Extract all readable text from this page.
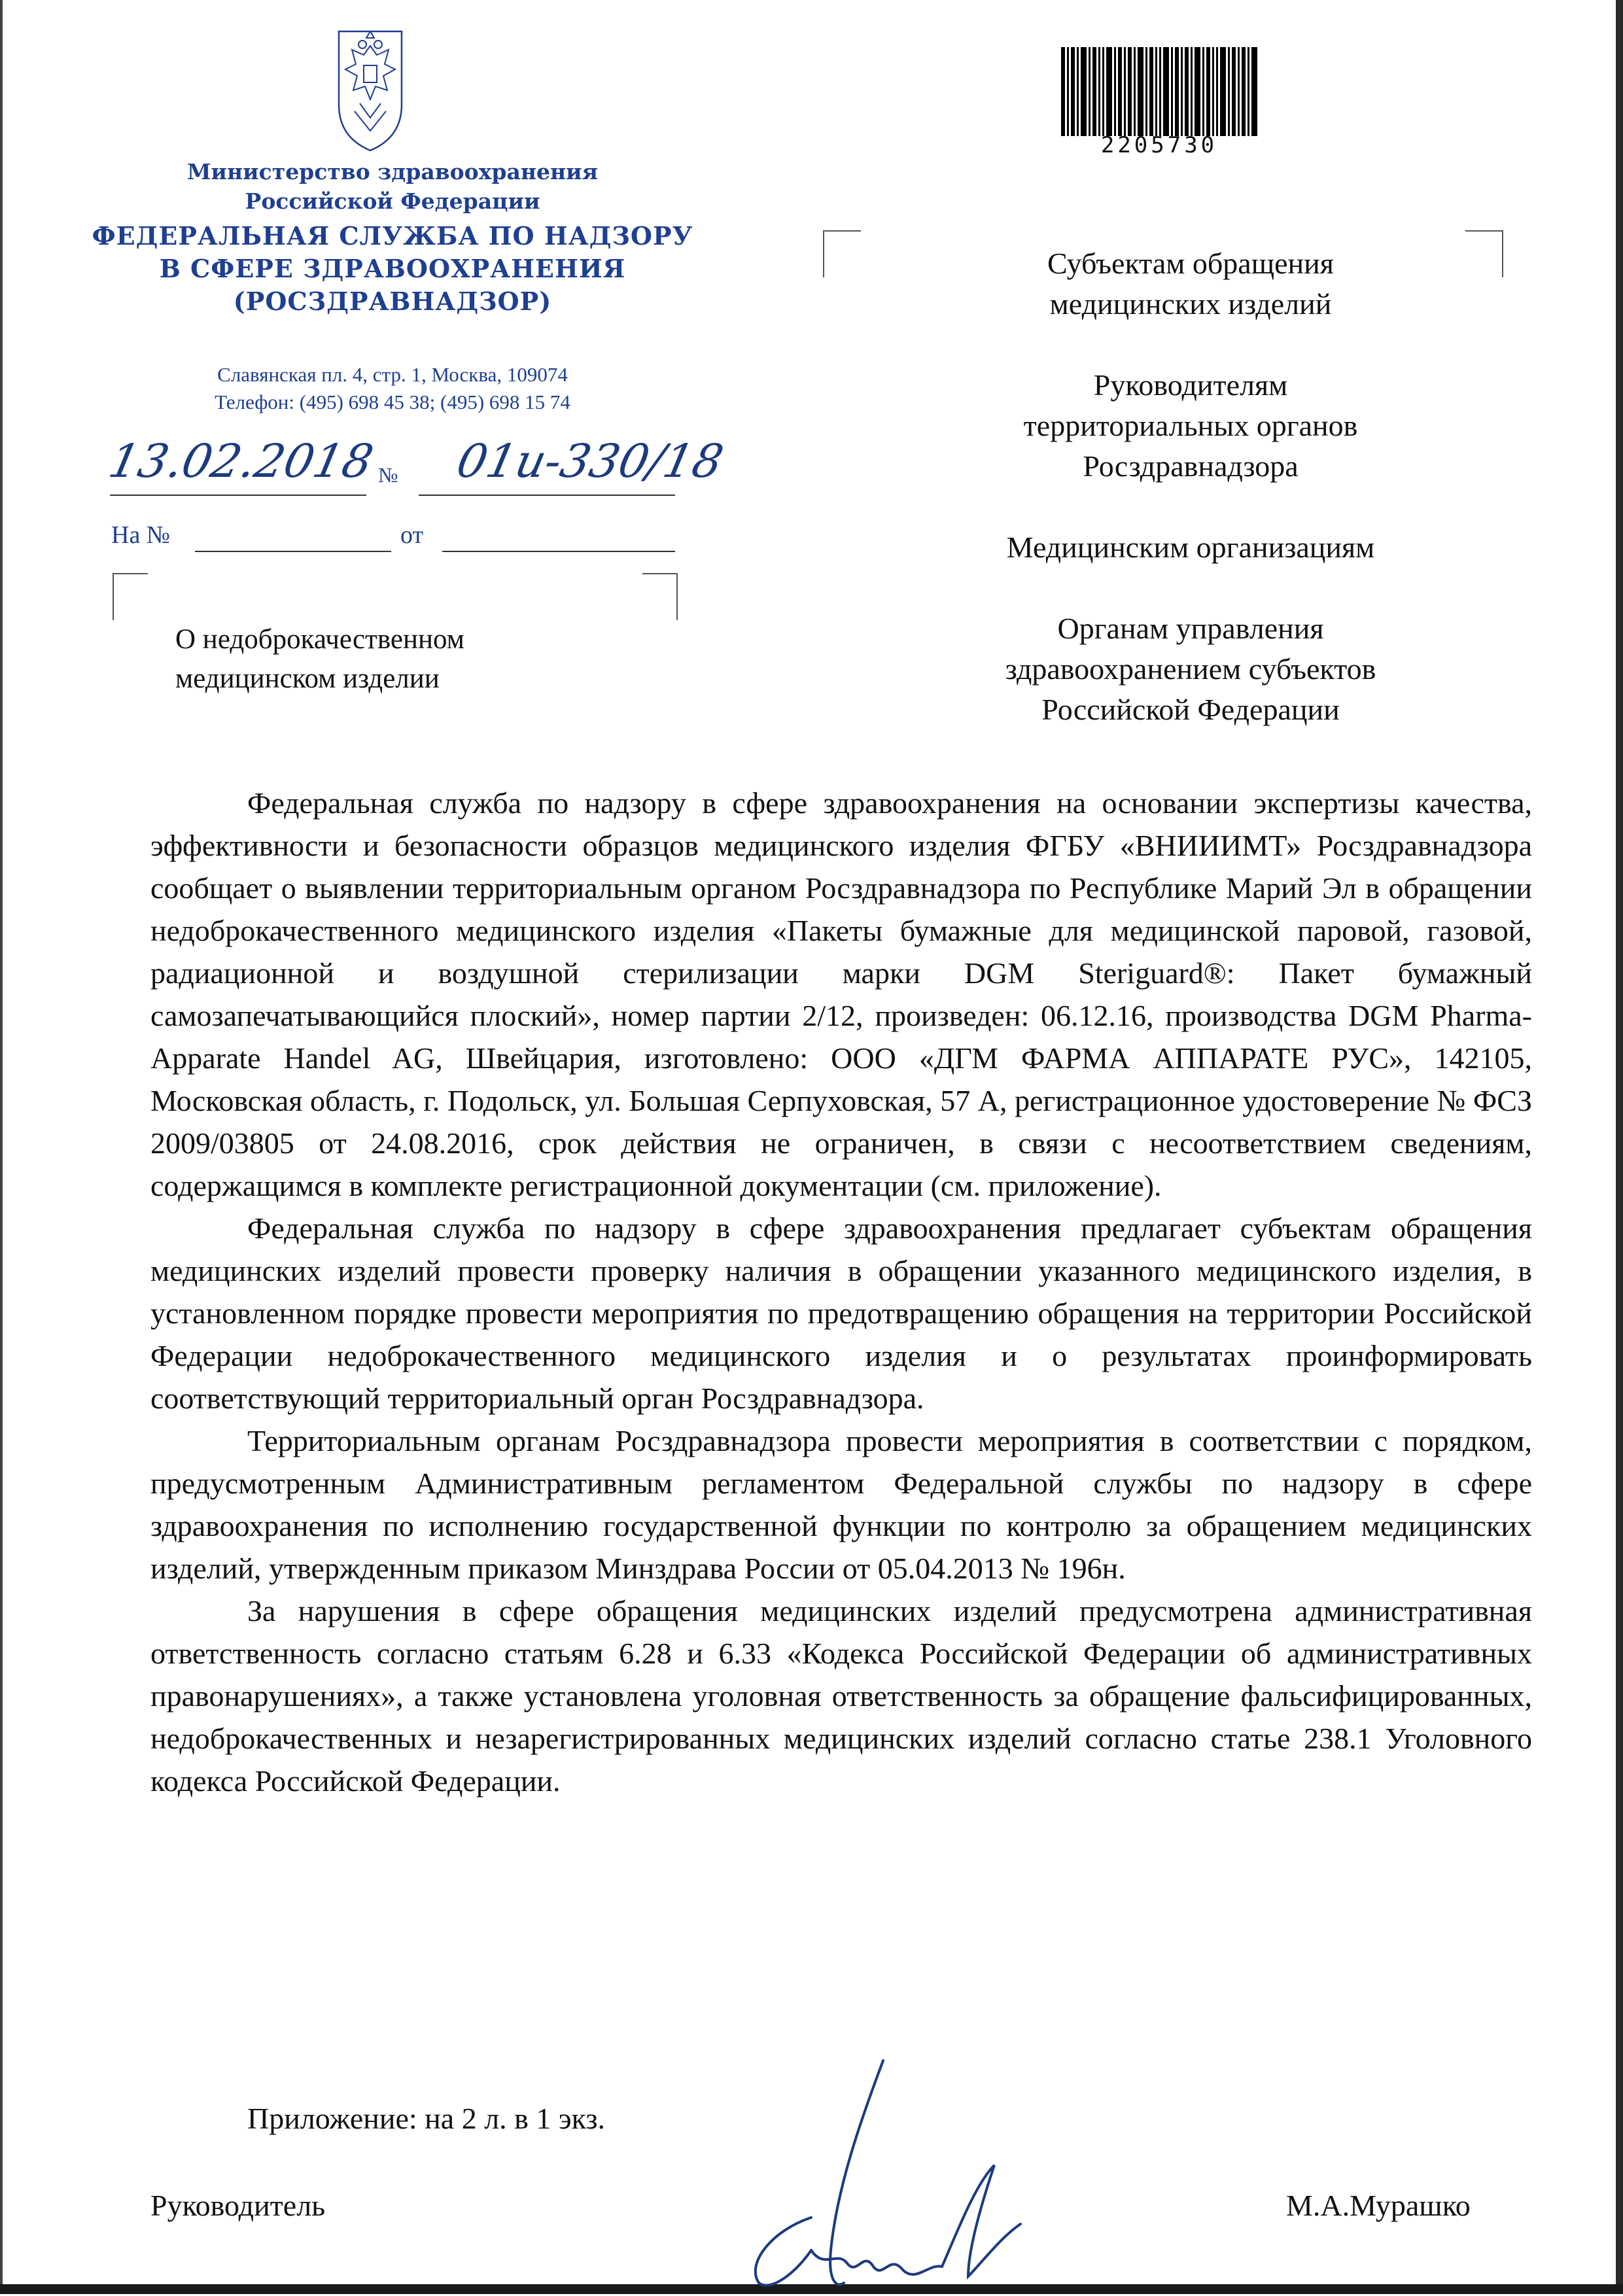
Министерство здравоохранения
Российской Федерации
ФЕДЕРАЛЬНАЯ СЛУЖБА ПО НАДЗОРУ
В СФЕРЕ ЗДРАВООХРАНЕНИЯ
(РОСЗДРАВНАДЗОР)
Славянская пл. 4, стр. 1, Москва, 109074
Телефон: (495) 698 45 38; (495) 698 15 74
13.02.2018 № 01и-330/18
На №	от
О недоброкачественном
медицинском изделии
2205730
Субъектам обращения
медицинских изделий
Руководителям
территориальных органов
Росздравнадзора
Медицинским организациям
Органам управления
здравоохранением субъектов
Российской Федерации

Федеральная служба по надзору в сфере здравоохранения на основании экспертизы качества, эффективности и безопасности образцов медицинского изделия ФГБУ «ВНИИИМТ» Росздравнадзора сообщает о выявлении территориальным органом Росздравнадзора по Республике Марий Эл в обращении недоброкачественного медицинского изделия «Пакеты бумажные для медицинской паровой, газовой, радиационной и воздушной стерилизации марки DGM Steriguard®: Пакет бумажный самозапечатывающийся плоский», номер партии 2/12, произведен: 06.12.16, производства DGM Pharma-Apparate Handel AG, Швейцария, изготовлено: ООО «ДГМ ФАРМА АППАРАТЕ РУС», 142105, Московская область, г. Подольск, ул. Большая Серпуховская, 57 А, регистрационное удостоверение № ФСЗ 2009/03805 от 24.08.2016, срок действия не ограничен, в связи с несоответствием сведениям, содержащимся в комплекте регистрационной документации (см. приложение).

Федеральная служба по надзору в сфере здравоохранения предлагает субъектам обращения медицинских изделий провести проверку наличия в обращении указанного медицинского изделия, в установленном порядке провести мероприятия по предотвращению обращения на территории Российской Федерации недоброкачественного медицинского изделия и о результатах проинформировать соответствующий территориальный орган Росздравнадзора.

Территориальным органам Росздравнадзора провести мероприятия в соответствии с порядком, предусмотренным Административным регламентом Федеральной службы по надзору в сфере здравоохранения по исполнению государственной функции по контролю за обращением медицинских изделий, утвержденным приказом Минздрава России от 05.04.2013 № 196н.

За нарушения в сфере обращения медицинских изделий предусмотрена административная ответственность согласно статьям 6.28 и 6.33 «Кодекса Российской Федерации об административных правонарушениях», а также установлена уголовная ответственность за обращение фальсифицированных, недоброкачественных и незарегистрированных медицинских изделий согласно статье 238.1 Уголовного кодекса Российской Федерации.

Приложение: на 2 л. в 1 экз.
Руководитель	М.А.Мурашко
